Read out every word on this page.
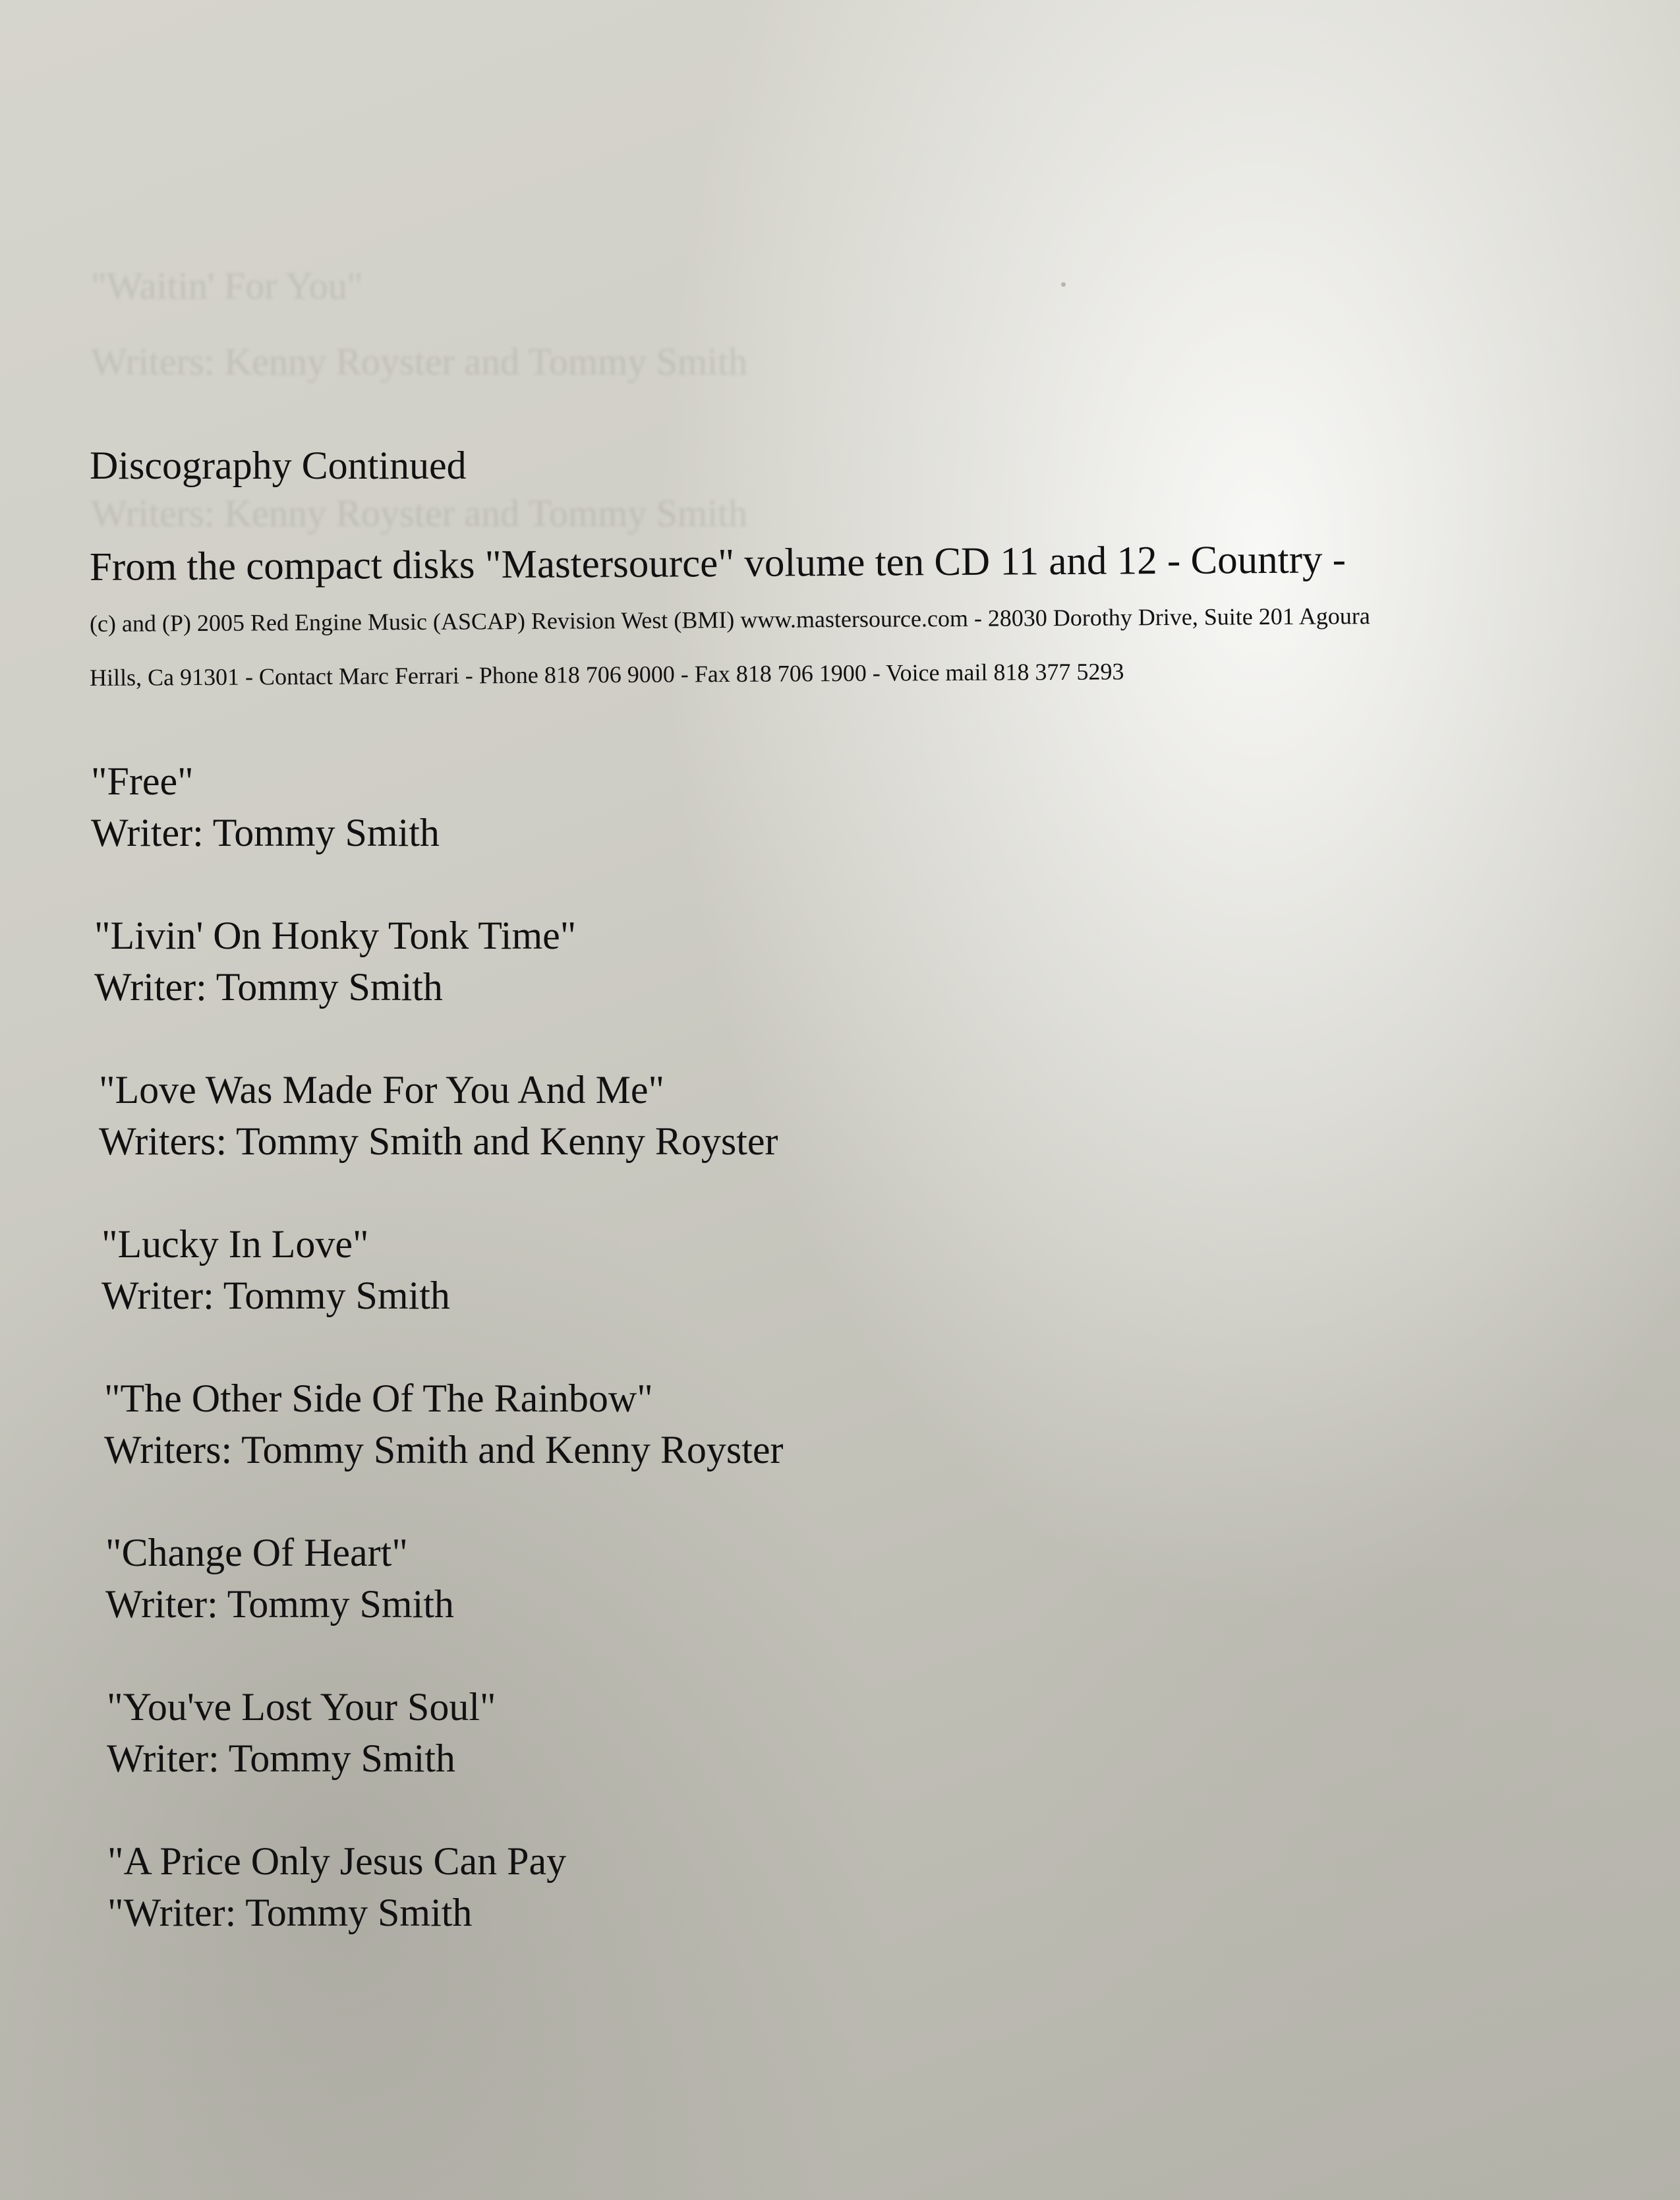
"Waitin' For You"
Writers: Kenny Royster and Tommy Smith
Writers: Kenny Royster and Tommy Smith
Discography Continued
From the compact disks "Mastersource" volume ten CD 11 and 12 - Country -
(c) and (P) 2005 Red Engine Music (ASCAP) Revision West (BMI) www.mastersource.com - 28030 Dorothy Drive, Suite 201 Agoura
Hills, Ca 91301 - Contact Marc Ferrari - Phone 818 706 9000 - Fax 818 706 1900 - Voice mail 818 377 5293
"Free"
Writer: Tommy Smith
"Livin' On Honky Tonk Time"
Writer: Tommy Smith
"Love Was Made For You And Me"
Writers: Tommy Smith and Kenny Royster
"Lucky In Love"
Writer: Tommy Smith
"The Other Side Of The Rainbow"
Writers: Tommy Smith and Kenny Royster
"Change Of Heart"
Writer: Tommy Smith
"You've Lost Your Soul"
Writer: Tommy Smith
"A Price Only Jesus Can Pay
"Writer: Tommy Smith
